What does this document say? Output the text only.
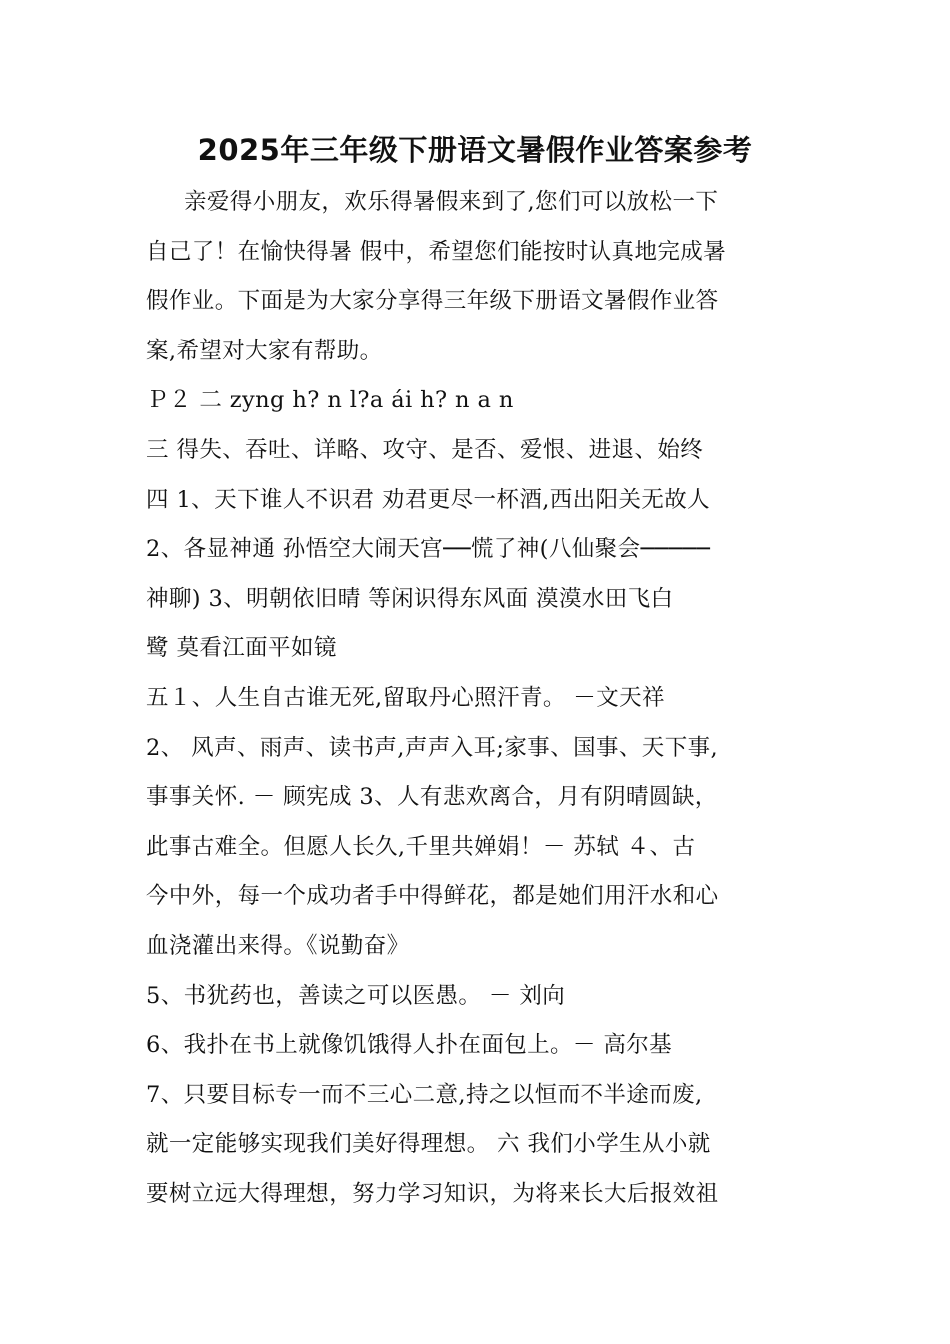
2025年三年级下册语文暑假作业答案参考
亲爱得小朋友，欢乐得暑假来到了,您们可以放松一下
自己了！在愉快得暑 假中，希望您们能按时认真地完成暑
假作业。下面是为大家分享得三年级下册语文暑假作业答
案,希望对大家有帮助。
Ｐ２ 二 zyng h? n l?a ái h? n a n
三 得失、吞吐、详略、攻守、是否、爱恨、进退、始终
四 1、天下谁人不识君 劝君更尽一杯酒,西出阳关无故人
2、各显神通 孙悟空大闹天宫──慌了神(八仙聚会─────
神聊) 3、明朝依旧晴 等闲识得东风面 漠漠水田飞白
鹭 莫看江面平如镜
五１、人生自古谁无死,留取丹心照汗青。 －文天祥
2、 风声、雨声、读书声,声声入耳;家事、国事、天下事,
事事关怀. － 顾宪成 3、人有悲欢离合，月有阴晴圆缺，
此事古难全。但愿人长久,千里共婵娟！－ 苏轼 ４、古
今中外，每一个成功者手中得鲜花，都是她们用汗水和心
血浇灌出来得。《说勤奋》
5、书犹药也，善读之可以医愚。 － 刘向
6、我扑在书上就像饥饿得人扑在面包上。－ 高尔基
7、只要目标专一而不三心二意,持之以恒而不半途而废,
就一定能够实现我们美好得理想。 六 我们小学生从小就
要树立远大得理想，努力学习知识，为将来长大后报效祖
